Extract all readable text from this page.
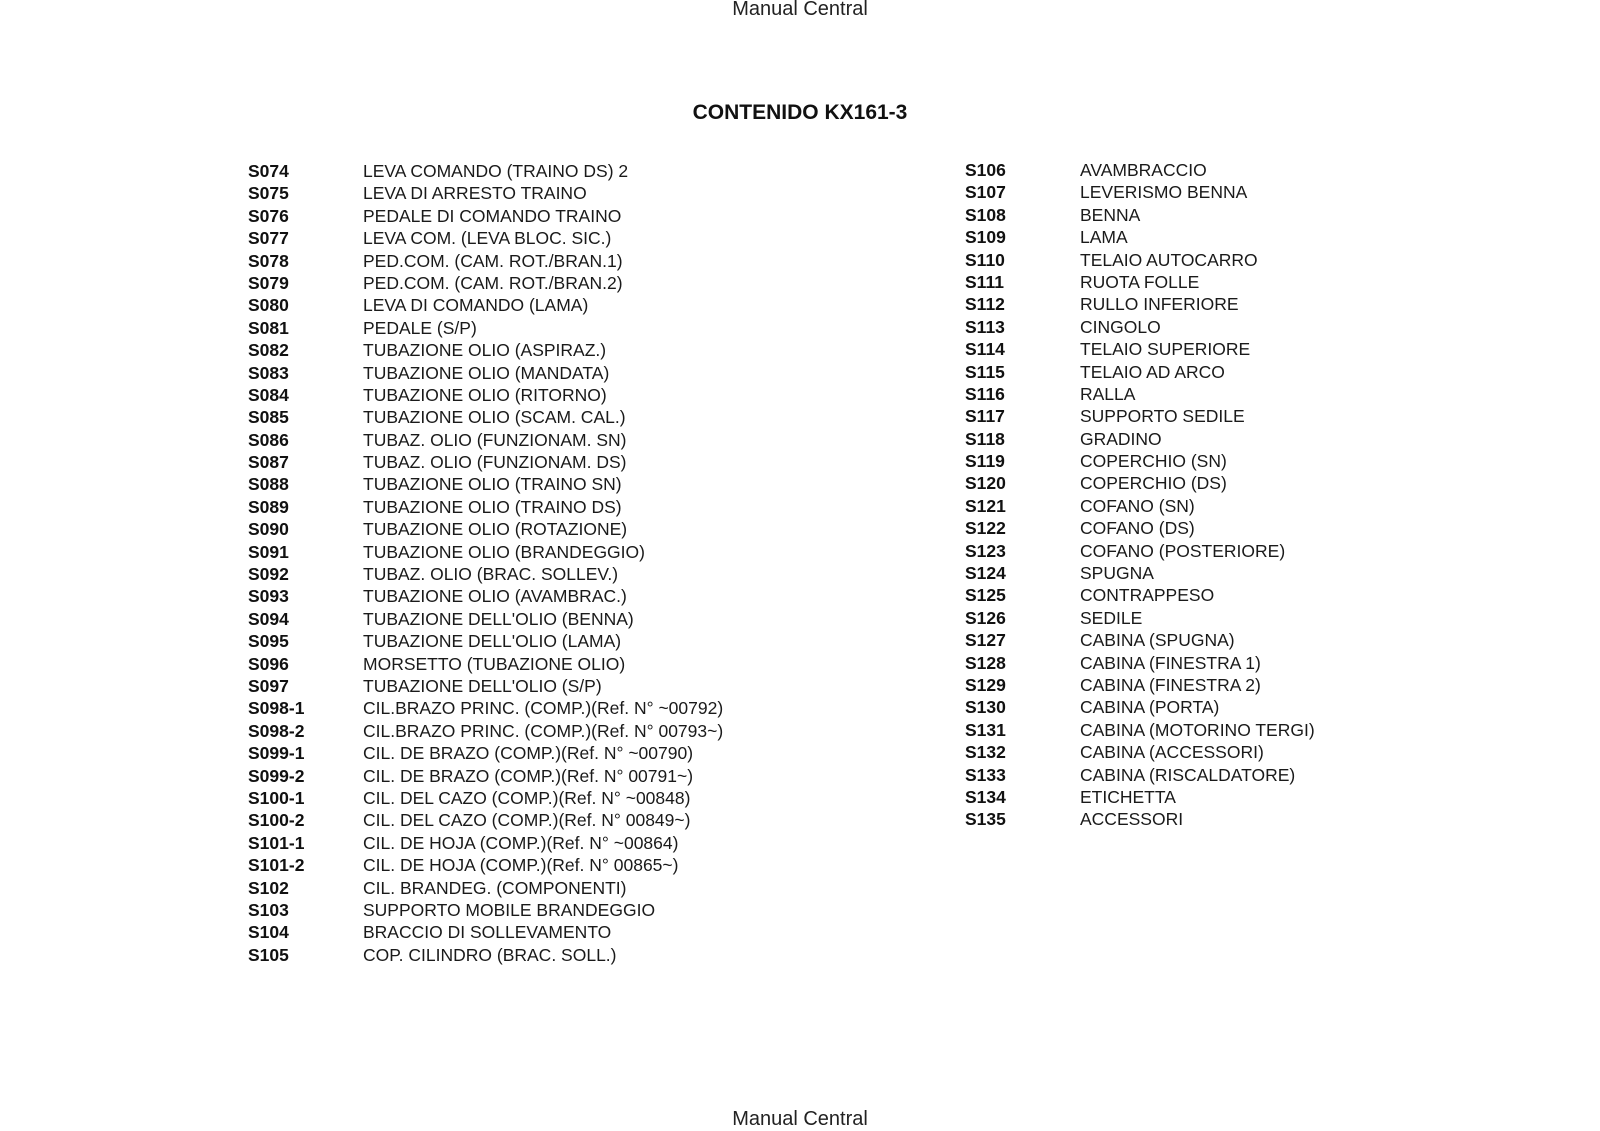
Manual Central
CONTENIDO KX161-3
S074	LEVA COMANDO (TRAINO DS) 2
S075	LEVA DI ARRESTO TRAINO
S076	PEDALE DI COMANDO TRAINO
S077	LEVA COM. (LEVA BLOC. SIC.)
S078	PED.COM. (CAM. ROT./BRAN.1)
S079	PED.COM. (CAM. ROT./BRAN.2)
S080	LEVA DI COMANDO (LAMA)
S081	PEDALE (S/P)
S082	TUBAZIONE OLIO (ASPIRAZ.)
S083	TUBAZIONE OLIO (MANDATA)
S084	TUBAZIONE OLIO (RITORNO)
S085	TUBAZIONE OLIO (SCAM. CAL.)
S086	TUBAZ. OLIO (FUNZIONAM. SN)
S087	TUBAZ. OLIO (FUNZIONAM. DS)
S088	TUBAZIONE OLIO (TRAINO SN)
S089	TUBAZIONE OLIO (TRAINO DS)
S090	TUBAZIONE OLIO (ROTAZIONE)
S091	TUBAZIONE OLIO (BRANDEGGIO)
S092	TUBAZ. OLIO (BRAC. SOLLEV.)
S093	TUBAZIONE OLIO (AVAMBRAC.)
S094	TUBAZIONE DELL'OLIO (BENNA)
S095	TUBAZIONE DELL'OLIO (LAMA)
S096	MORSETTO (TUBAZIONE OLIO)
S097	TUBAZIONE DELL'OLIO (S/P)
S098-1	CIL.BRAZO PRINC. (COMP.)(Ref. N° ~00792)
S098-2	CIL.BRAZO PRINC. (COMP.)(Ref. N° 00793~)
S099-1	CIL. DE BRAZO (COMP.)(Ref. N° ~00790)
S099-2	CIL. DE BRAZO (COMP.)(Ref. N° 00791~)
S100-1	CIL. DEL CAZO (COMP.)(Ref. N° ~00848)
S100-2	CIL. DEL CAZO (COMP.)(Ref. N° 00849~)
S101-1	CIL. DE HOJA (COMP.)(Ref. N° ~00864)
S101-2	CIL. DE HOJA (COMP.)(Ref. N° 00865~)
S102	CIL. BRANDEG. (COMPONENTI)
S103	SUPPORTO MOBILE BRANDEGGIO
S104	BRACCIO DI SOLLEVAMENTO
S105	COP. CILINDRO (BRAC. SOLL.)
S106	AVAMBRACCIO
S107	LEVERISMO BENNA
S108	BENNA
S109	LAMA
S110	TELAIO AUTOCARRO
S111	RUOTA FOLLE
S112	RULLO INFERIORE
S113	CINGOLO
S114	TELAIO SUPERIORE
S115	TELAIO AD ARCO
S116	RALLA
S117	SUPPORTO SEDILE
S118	GRADINO
S119	COPERCHIO (SN)
S120	COPERCHIO (DS)
S121	COFANO (SN)
S122	COFANO (DS)
S123	COFANO (POSTERIORE)
S124	SPUGNA
S125	CONTRAPPESO
S126	SEDILE
S127	CABINA (SPUGNA)
S128	CABINA (FINESTRA 1)
S129	CABINA (FINESTRA 2)
S130	CABINA (PORTA)
S131	CABINA (MOTORINO TERGI)
S132	CABINA (ACCESSORI)
S133	CABINA (RISCALDATORE)
S134	ETICHETTA
S135	ACCESSORI
Manual Central
